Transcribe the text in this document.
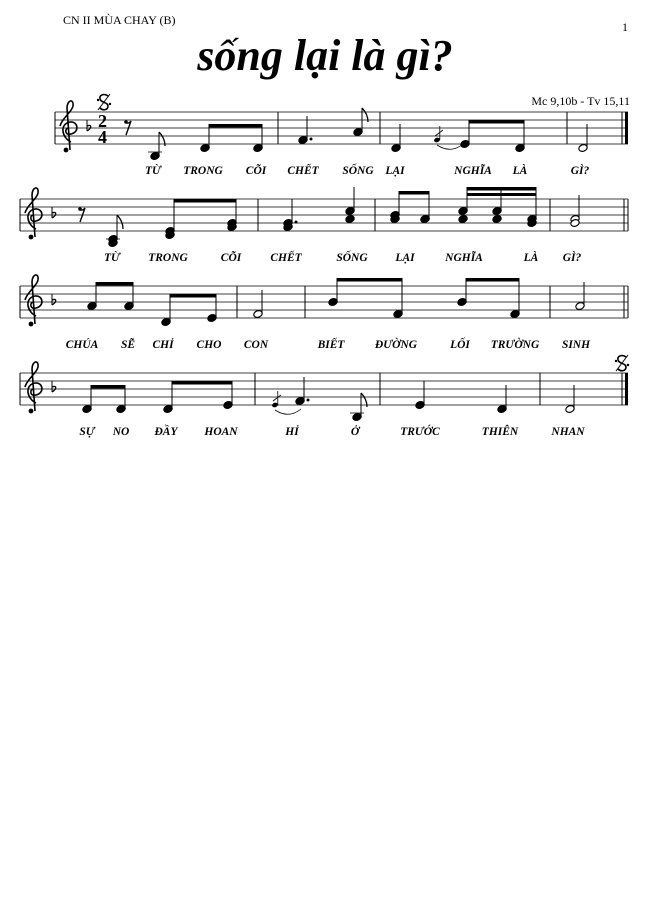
CN II MÙA CHAY (B)	1
sống lại là gì?
Mc 9,10b - Tv 15,11
2
4
TỪ TRONG CÕI CHẾT SỐNG LẠI	NGHĨA LÀ	GÌ?
TỪ TRONG	CÕI	CHẾT	SỐNG LẠI	NGHĨA	LÀ GÌ?
CHÚA SẼ CHỈ CHO CON	BIẾT	ĐƯỜNG	LỐI TRƯỜNG SINH
SỰ NO ĐẦY HOAN	HỈ	Ở	TRƯỚC	THIÊN	NHAN
